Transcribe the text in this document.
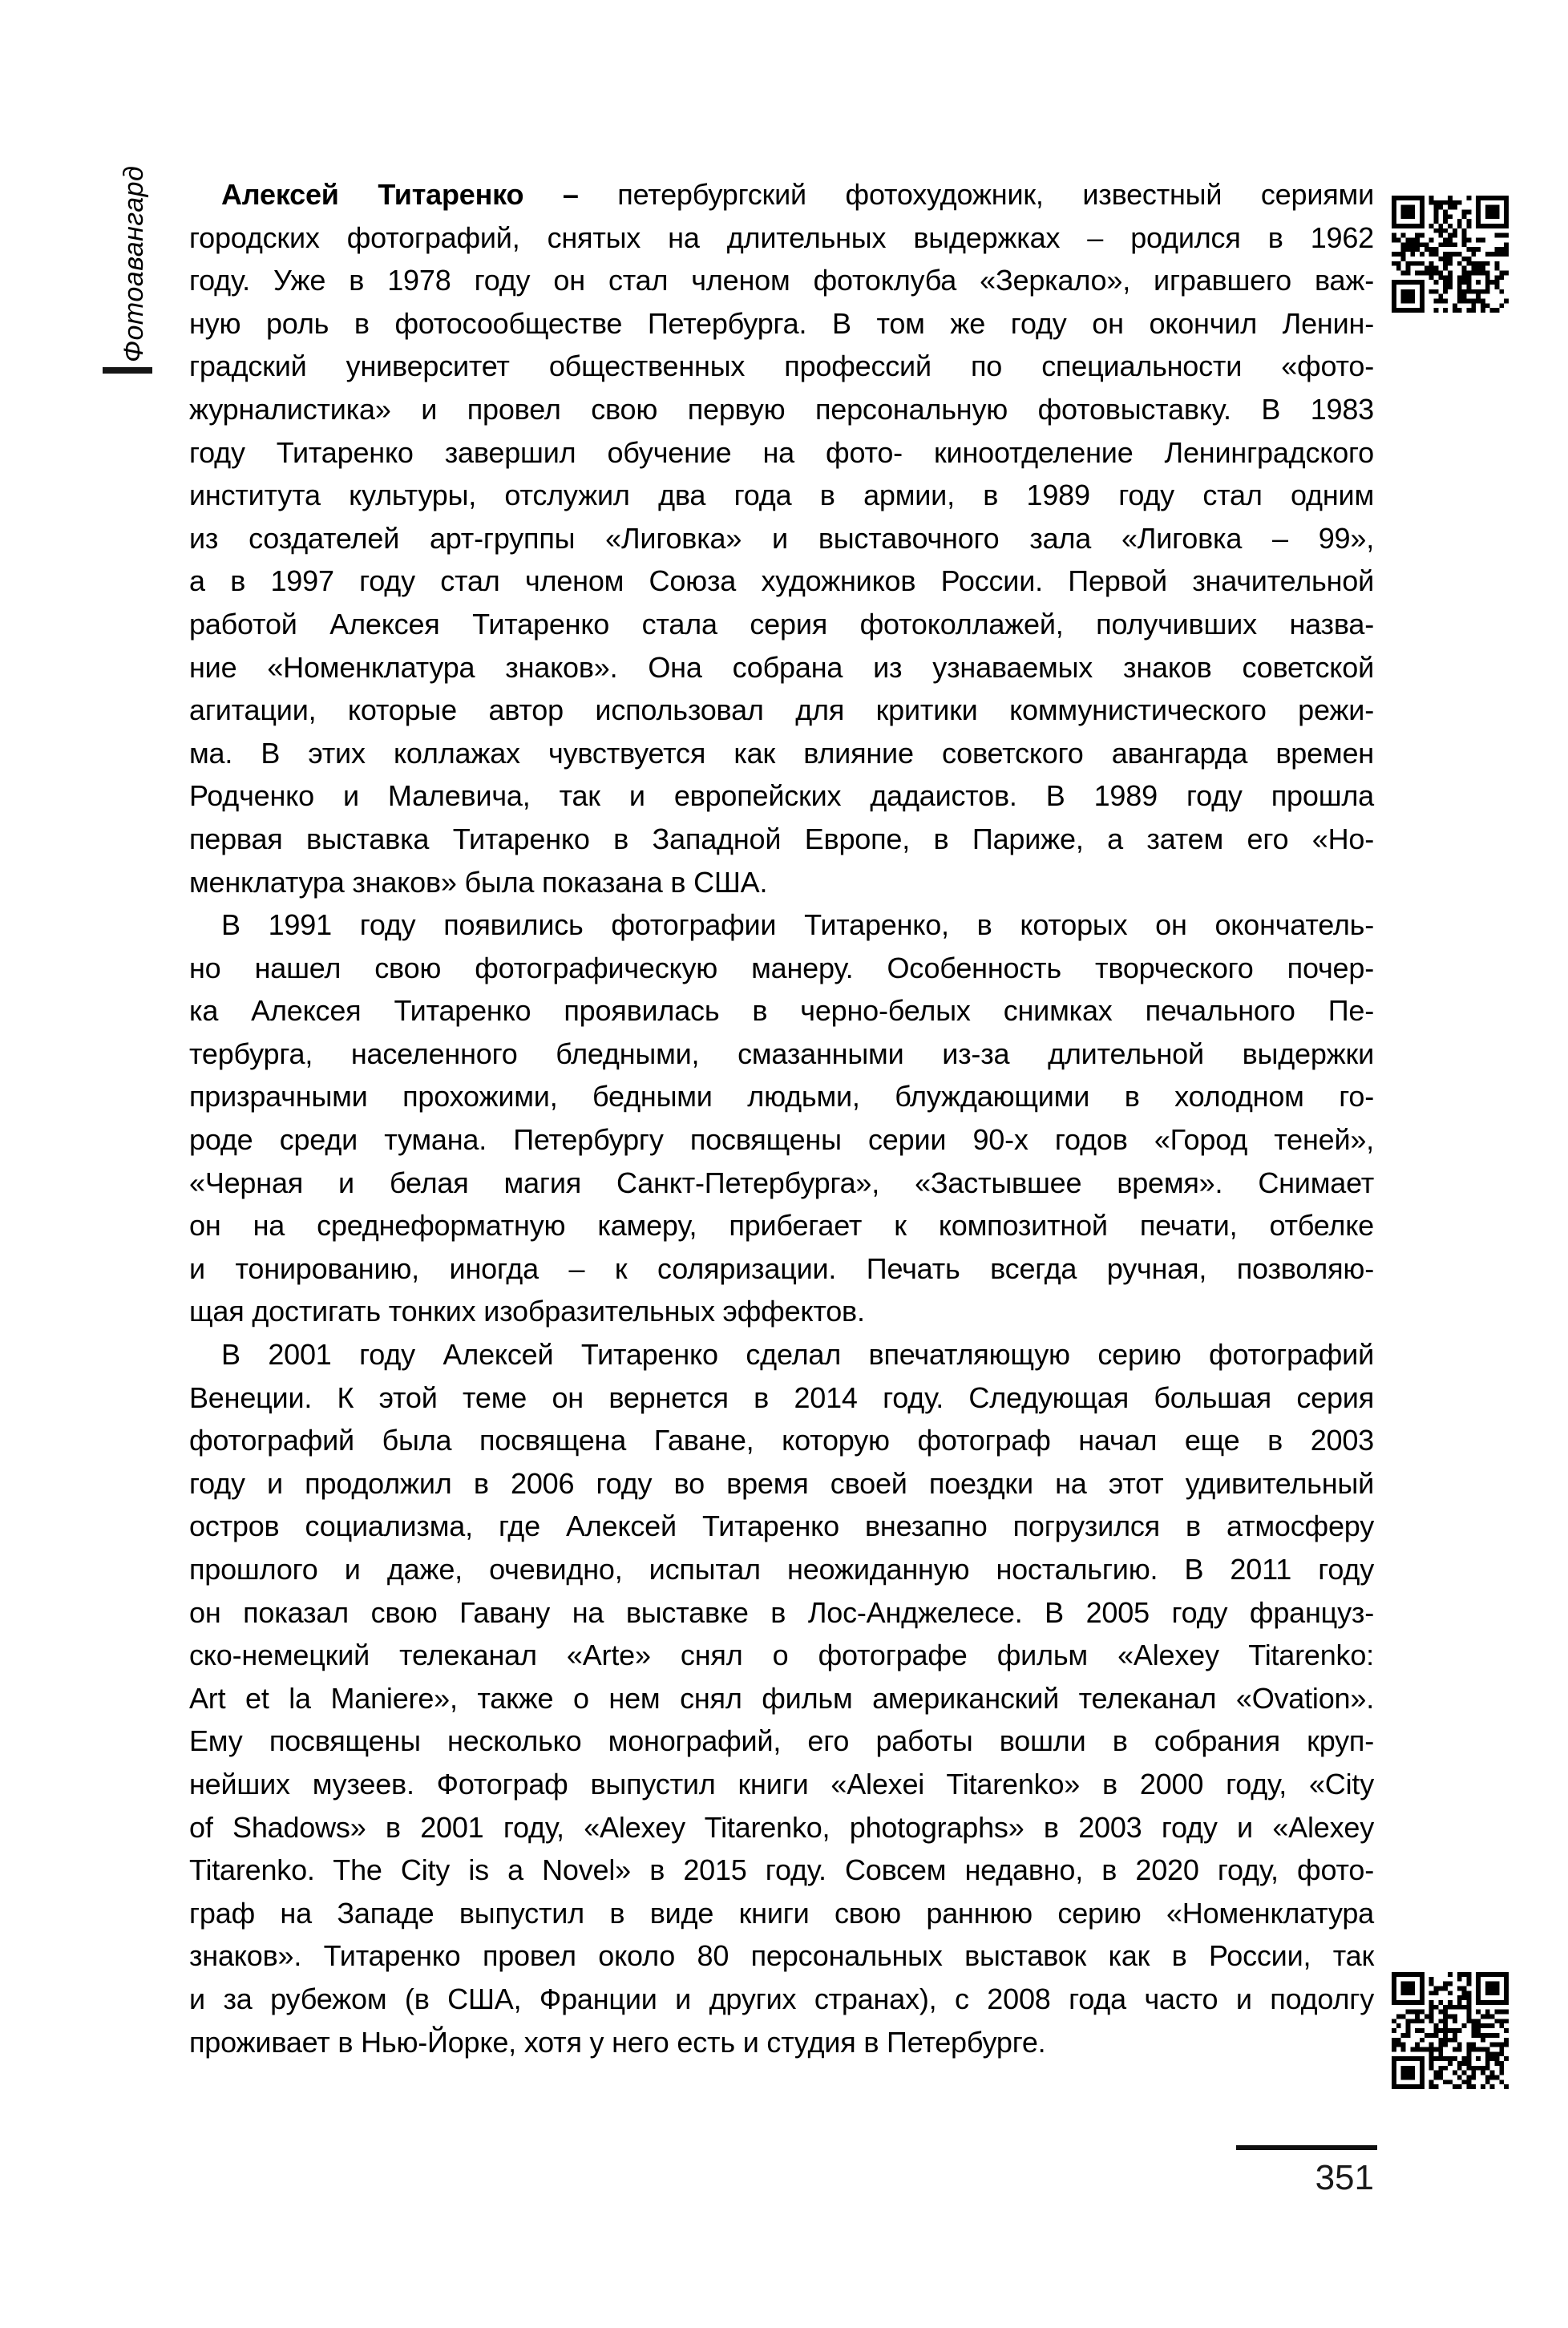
Фотоавангард	Алексей Титаренко – петербургский фотохудожник, известный сериями
городских фотографий, снятых на длительных выдержках – родился в 1962
году. Уже в 1978 году он стал членом фотоклуба «Зеркало», игравшего важ-
ную роль в фотосообществе Петербурга. В том же году он окончил Ленин-
градский университет общественных профессий по специальности «фото-
журналистика» и провел свою первую персональную фотовыставку. В 1983
году Титаренко завершил обучение на фото- киноотделение Ленинградского
института культуры, отслужил два года в армии, в 1989 году стал одним
из создателей арт-группы «Лиговка» и выставочного зала «Лиговка – 99»,
а в 1997 году стал членом Союза художников России. Первой значительной
работой Алексея Титаренко стала серия фотоколлажей, получивших назва-
ние «Номенклатура знаков». Она собрана из узнаваемых знаков советской
агитации, которые автор использовал для критики коммунистического режи-
ма. В этих коллажах чувствуется как влияние советского авангарда времен
Родченко и Малевича, так и европейских дадаистов. В 1989 году прошла
первая выставка Титаренко в Западной Европе, в Париже, а затем его «Но-
менклатура знаков» была показана в США.

В 1991 году появились фотографии Титаренко, в которых он окончатель-
но нашел свою фотографическую манеру. Особенность творческого почер-
ка Алексея Титаренко проявилась в черно-белых снимках печального Пе-
тербурга, населенного бледными, смазанными из-за длительной выдержки
призрачными прохожими, бедными людьми, блуждающими в холодном го-
роде среди тумана. Петербургу посвящены серии 90-х годов «Город теней»,
«Черная и белая магия Санкт-Петербурга», «Застывшее время». Снимает
он на среднеформатную камеру, прибегает к композитной печати, отбелке
и тонированию, иногда – к соляризации. Печать всегда ручная, позволяю-
щая достигать тонких изобразительных эффектов.

В 2001 году Алексей Титаренко сделал впечатляющую серию фотографий
Венеции. К этой теме он вернется в 2014 году. Следующая большая серия
фотографий была посвящена Гаване, которую фотограф начал еще в 2003
году и продолжил в 2006 году во время своей поездки на этот удивительный
остров социализма, где Алексей Титаренко внезапно погрузился в атмосферу
прошлого и даже, очевидно, испытал неожиданную ностальгию. В 2011 году
он показал свою Гавану на выставке в Лос-Анджелесе. В 2005 году француз-
ско-немецкий телеканал «Arte» снял о фотографе фильм «Alexey Titarenko:
Art et la Maniere», также о нем снял фильм американский телеканал «Ovation».
Ему посвящены несколько монографий, его работы вошли в собрания круп-
нейших музеев. Фотограф выпустил книги «Alexei Titarenko» в 2000 году, «City
of Shadows» в 2001 году, «Alexey Titarenko, photographs» в 2003 году и «Alexey
Titarenko. The City is a Novel» в 2015 году. Совсем недавно, в 2020 году, фото-
граф на Западе выпустил в виде книги свою раннюю серию «Номенклатура
знаков». Титаренко провел около 80 персональных выставок как в России, так
и за рубежом (в США, Франции и других странах), с 2008 года часто и подолгу
проживает в Нью-Йорке, хотя у него есть и студия в Петербурге.

351
